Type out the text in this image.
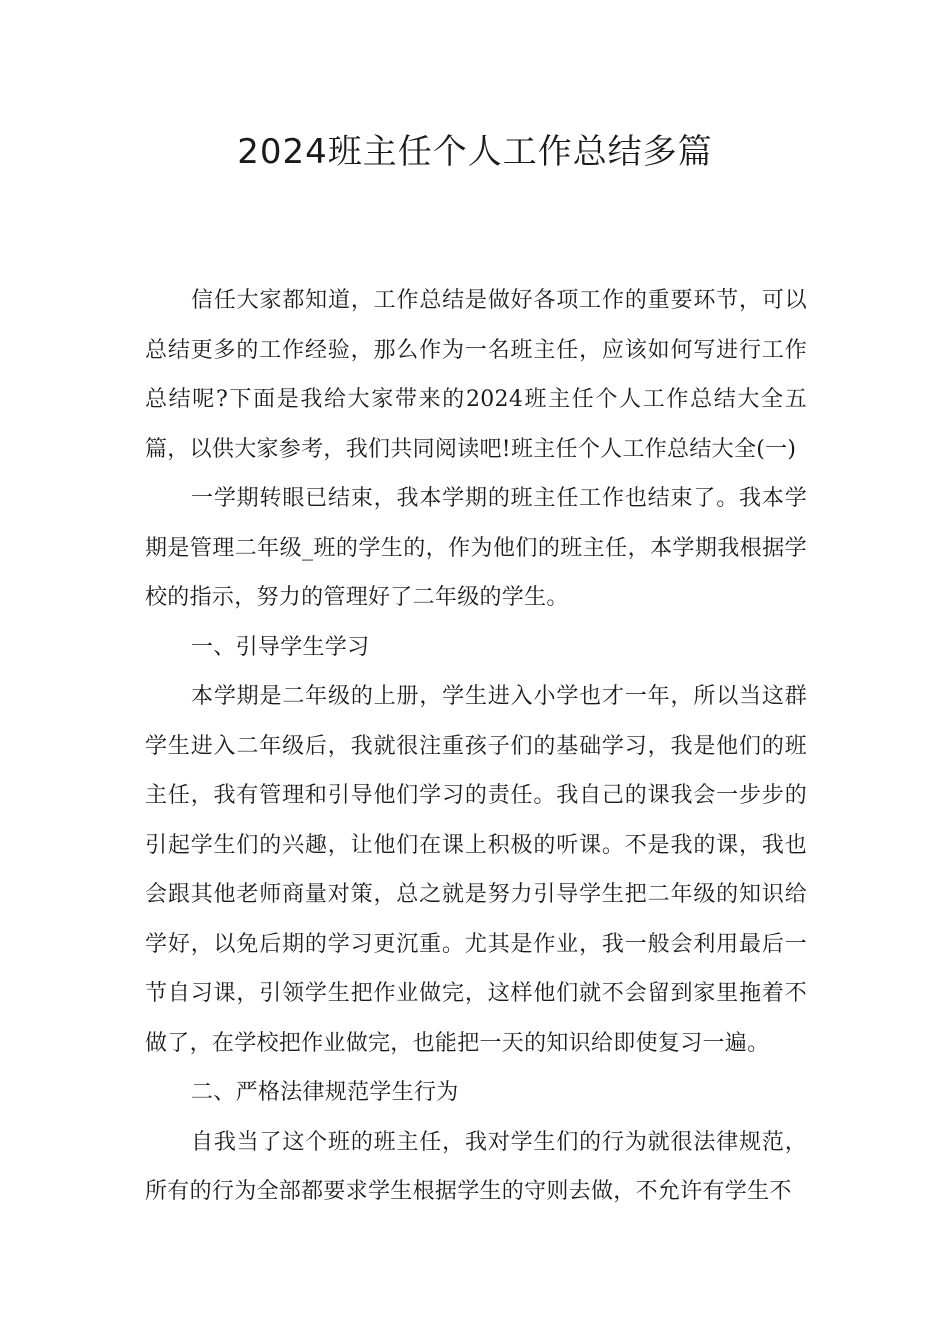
2024班主任个人工作总结多篇

信任大家都知道，工作总结是做好各项工作的重要环节，可以总结更多的工作经验，那么作为一名班主任，应该如何写进行工作总结呢?下面是我给大家带来的2024班主任个人工作总结大全五篇，以供大家参考，我们共同阅读吧!班主任个人工作总结大全(一)

一学期转眼已结束，我本学期的班主任工作也结束了。我本学期是管理二年级_班的学生的，作为他们的班主任，本学期我根据学校的指示，努力的管理好了二年级的学生。

一、引导学生学习

本学期是二年级的上册，学生进入小学也才一年，所以当这群学生进入二年级后，我就很注重孩子们的基础学习，我是他们的班主任，我有管理和引导他们学习的责任。我自己的课我会一步步的引起学生们的兴趣，让他们在课上积极的听课。不是我的课，我也会跟其他老师商量对策，总之就是努力引导学生把二年级的知识给学好，以免后期的学习更沉重。尤其是作业，我一般会利用最后一节自习课，引领学生把作业做完，这样他们就不会留到家里拖着不做了，在学校把作业做完，也能把一天的知识给即使复习一遍。

二、严格法律规范学生行为

自我当了这个班的班主任，我对学生们的行为就很法律规范，所有的行为全部都要求学生根据学生的守则去做，不允许有学生不
